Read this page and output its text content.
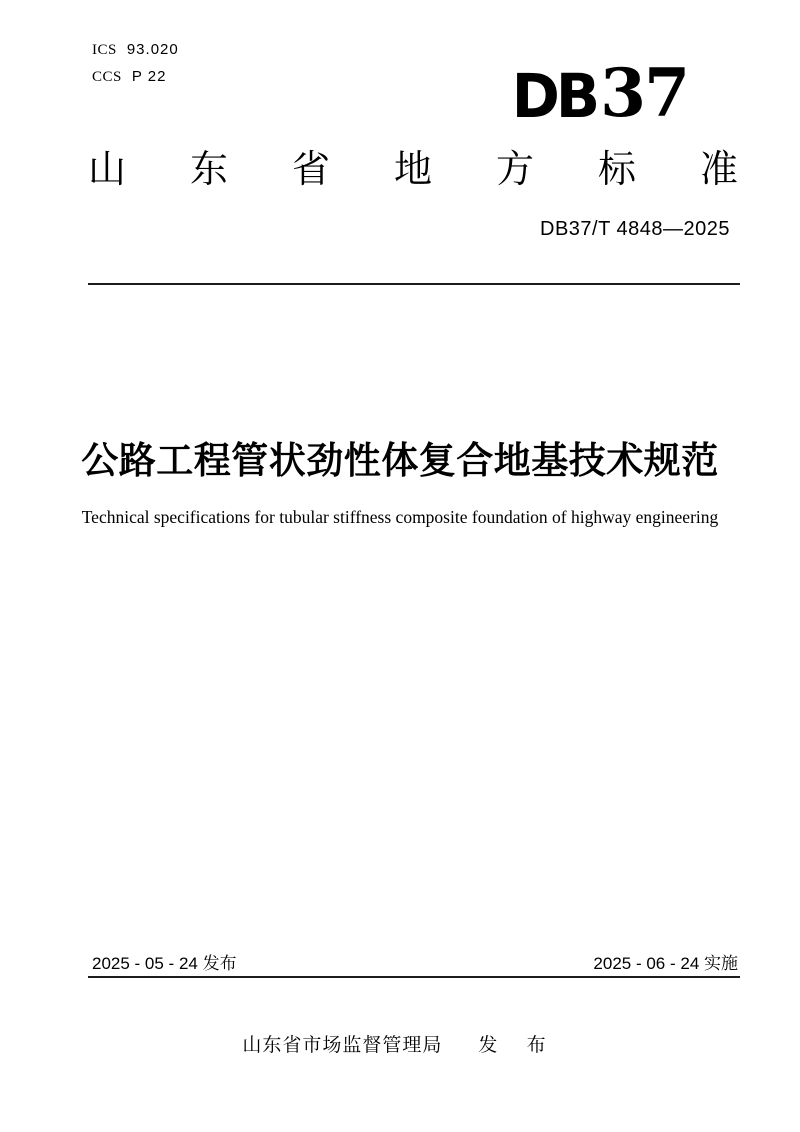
ICS 93.020
CCS P 22	DB 37
山东省地方标准
DB37/T 4848—2025
公路工程管状劲性体复合地基技术规范
Technical specifications for tubular stiffness composite foundation of highway engineering
2025 - 05 - 24 发布	2025 - 06 - 24 实施
山东省市场监督管理局 发 布
